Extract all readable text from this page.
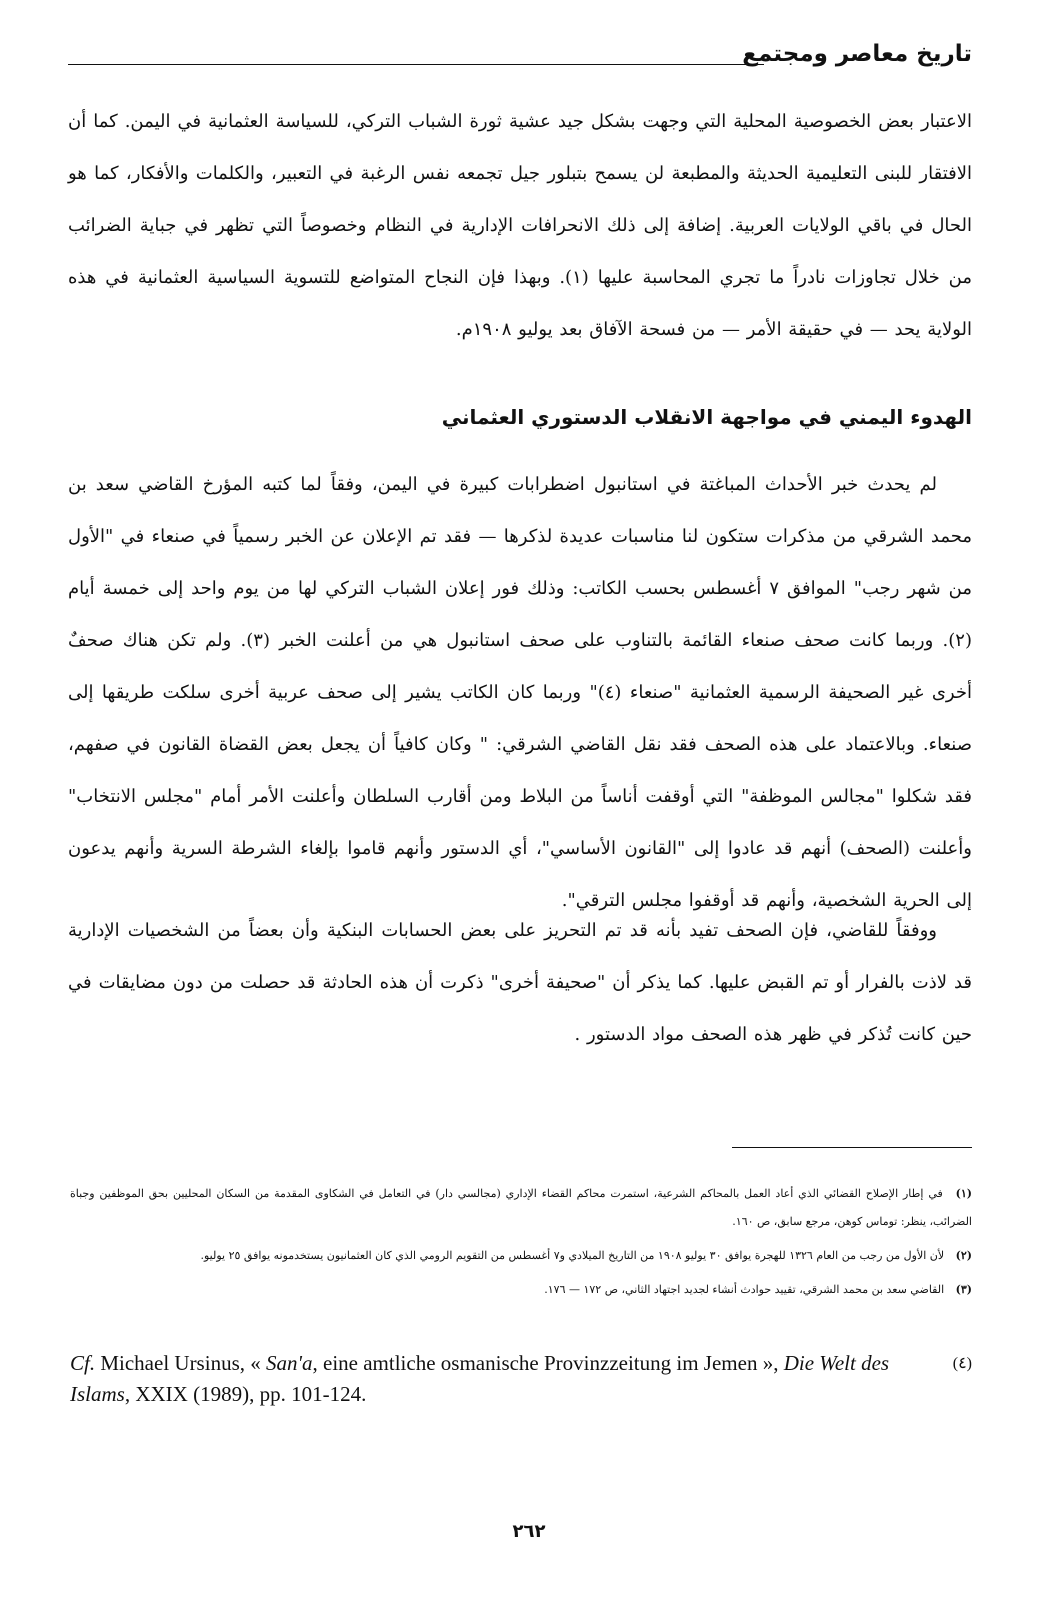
تاريخ معاصر ومجتمع
الاعتبار بعض الخصوصية المحلية التي وجهت بشكل جيد عشية ثورة الشباب التركي، للسياسة العثمانية في اليمن. كما أن الافتقار للبنى التعليمية الحديثة والمطبعة لن يسمح بتبلور جيل تجمعه نفس الرغبة في التعبير، والكلمات والأفكار، كما هو الحال في باقي الولايات العربية. إضافة إلى ذلك الانحرافات الإدارية في النظام وخصوصاً التي تظهر في جباية الضرائب من خلال تجاوزات نادراً ما تجري المحاسبة عليها (١). وبهذا فإن النجاح المتواضع للتسوية السياسية العثمانية في هذه الولاية يحد — في حقيقة الأمر — من فسحة الآفاق بعد يوليو ١٩٠٨م.
الهدوء اليمني في مواجهة الانقلاب الدستوري العثماني
لم يحدث خبر الأحداث المباغتة في استانبول اضطرابات كبيرة في اليمن، وفقاً لما كتبه المؤرخ القاضي سعد بن محمد الشرقي من مذكرات ستكون لنا مناسبات عديدة لذكرها — فقد تم الإعلان عن الخبر رسمياً في صنعاء في "الأول من شهر رجب" الموافق ٧ أغسطس بحسب الكاتب: وذلك فور إعلان الشباب التركي لها من يوم واحد إلى خمسة أيام (٢). وربما كانت صحف صنعاء القائمة بالتناوب على صحف استانبول هي من أعلنت الخبر (٣). ولم تكن هناك صحفٌ أخرى غير الصحيفة الرسمية العثمانية "صنعاء (٤)" وربما كان الكاتب يشير إلى صحف عربية أخرى سلكت طريقها إلى صنعاء. وبالاعتماد على هذه الصحف فقد نقل القاضي الشرقي: " وكان كافياً أن يجعل بعض القضاة القانون في صفهم، فقد شكلوا "مجالس الموظفة" التي أوقفت أناساً من البلاط ومن أقارب السلطان وأعلنت الأمر أمام "مجلس الانتخاب" وأعلنت (الصحف) أنهم قد عادوا إلى "القانون الأساسي"، أي الدستور وأنهم قاموا بإلغاء الشرطة السرية وأنهم يدعون إلى الحرية الشخصية، وأنهم قد أوقفوا مجلس الترقي".
ووفقاً للقاضي، فإن الصحف تفيد بأنه قد تم التحريز على بعض الحسابات البنكية وأن بعضاً من الشخصيات الإدارية قد لاذت بالفرار أو تم القبض عليها. كما يذكر أن "صحيفة أخرى" ذكرت أن هذه الحادثة قد حصلت من دون مضايقات في حين كانت تُذكر في ظهر هذه الصحف مواد الدستور .
(١) في إطار الإصلاح القضائي الذي أعاد العمل بالمحاكم الشرعية، استمرت محاكم القضاء الإداري (مجالسي دار) في التعامل في الشكاوى المقدمة من السكان المحليين بحق الموظفين وجباة الضرائب، ينظر: توماس كوهن، مرجع سابق، ص ١٦٠.
(٢) لأن الأول من رجب من العام ١٣٢٦ للهجرة يوافق ٣٠ يوليو ١٩٠٨ من التاريخ الميلادي و٧ أغسطس من التقويم الرومي الذي كان العثمانيون يستخدمونه يوافق ٢٥ يوليو.
(٣) القاضي سعد بن محمد الشرقي، تقييد حوادث أنشاء لجديد اجتهاد الثاني، ص ١٧٢ — ١٧٦.
(٤)
Cf. Michael Ursinus, « San'a, eine amtliche osmanische Provinzzeitung im Jemen », Die Welt des Islams, XXIX (1989), pp. 101-124.
٢٦٢
